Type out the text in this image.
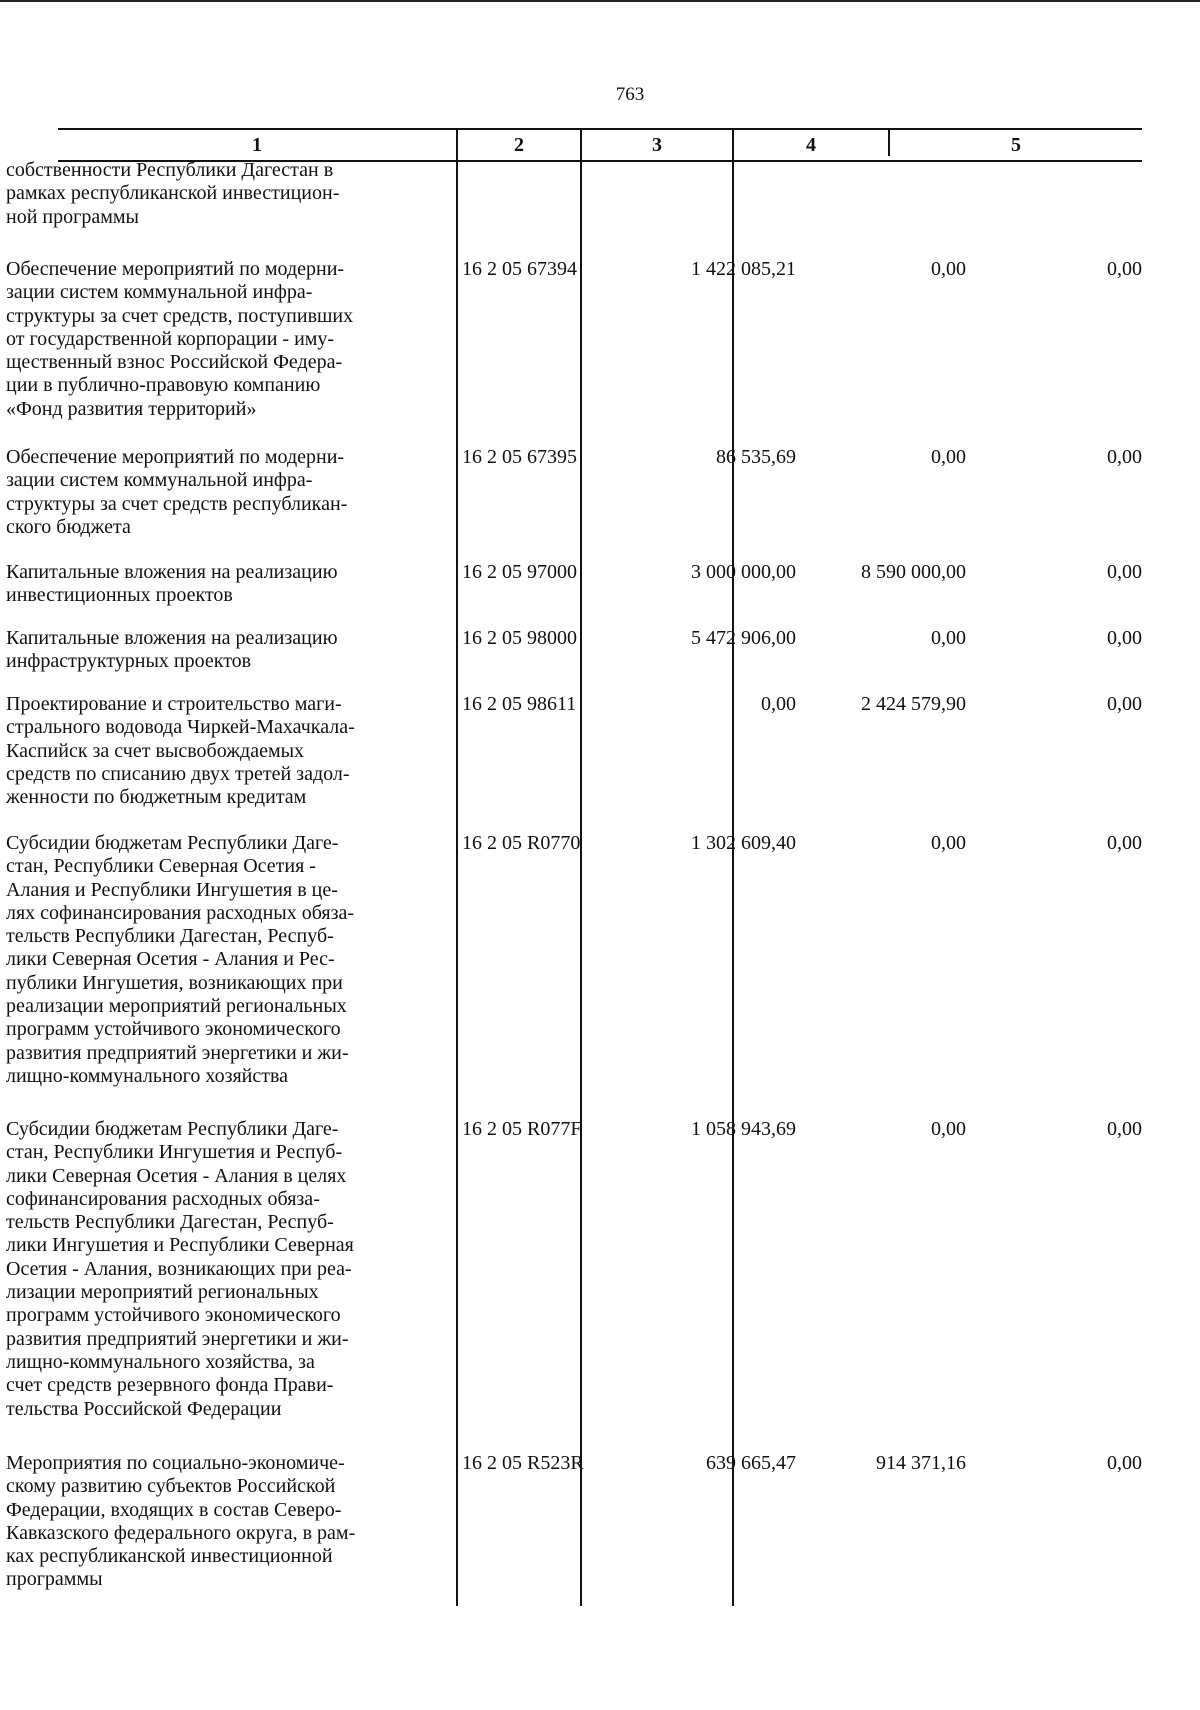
763
1	2	3	4	5
собственности Республики Дагестан в
рамках республиканской инвестицион-
ной программы
Обеспечение мероприятий по модерни-
зации систем коммунальной инфра-
структуры за счет средств, поступивших
от государственной корпорации - иму-
щественный взнос Российской Федера-
ции в публично-правовую компанию
«Фонд развития территорий»
16 2 05 67394	1 422 085,21	0,00	0,00
Обеспечение мероприятий по модерни-
зации систем коммунальной инфра-
структуры за счет средств республикан-
ского бюджета
16 2 05 67395	86 535,69	0,00	0,00
Капитальные вложения на реализацию
инвестиционных проектов
16 2 05 97000	3 000 000,00	8 590 000,00	0,00
Капитальные вложения на реализацию
инфраструктурных проектов
16 2 05 98000	5 472 906,00	0,00	0,00
Проектирование и строительство маги-
стрального водовода Чиркей-Махачкала-
Каспийск за счет высвобождаемых
средств по списанию двух третей задол-
женности по бюджетным кредитам
16 2 05 98611	0,00	2 424 579,90	0,00
Субсидии бюджетам Республики Даге-
стан, Республики Северная Осетия -
Алания и Республики Ингушетия в це-
лях софинансирования расходных обяза-
тельств Республики Дагестан, Респуб-
лики Северная Осетия - Алания и Рес-
публики Ингушетия, возникающих при
реализации мероприятий региональных
программ устойчивого экономического
развития предприятий энергетики и жи-
лищно-коммунального хозяйства
16 2 05 R0770	1 302 609,40	0,00	0,00
Субсидии бюджетам Республики Даге-
стан, Республики Ингушетия и Респуб-
лики Северная Осетия - Алания в целях
софинансирования расходных обяза-
тельств Республики Дагестан, Респуб-
лики Ингушетия и Республики Северная
Осетия - Алания, возникающих при реа-
лизации мероприятий региональных
программ устойчивого экономического
развития предприятий энергетики и жи-
лищно-коммунального хозяйства, за
счет средств резервного фонда Прави-
тельства Российской Федерации
16 2 05 R077F	1 058 943,69	0,00	0,00
Мероприятия по социально-экономиче-
скому развитию субъектов Российской
Федерации, входящих в состав Северо-
Кавказского федерального округа, в рам-
ках республиканской инвестиционной
программы
16 2 05 R523R	639 665,47	914 371,16	0,00
